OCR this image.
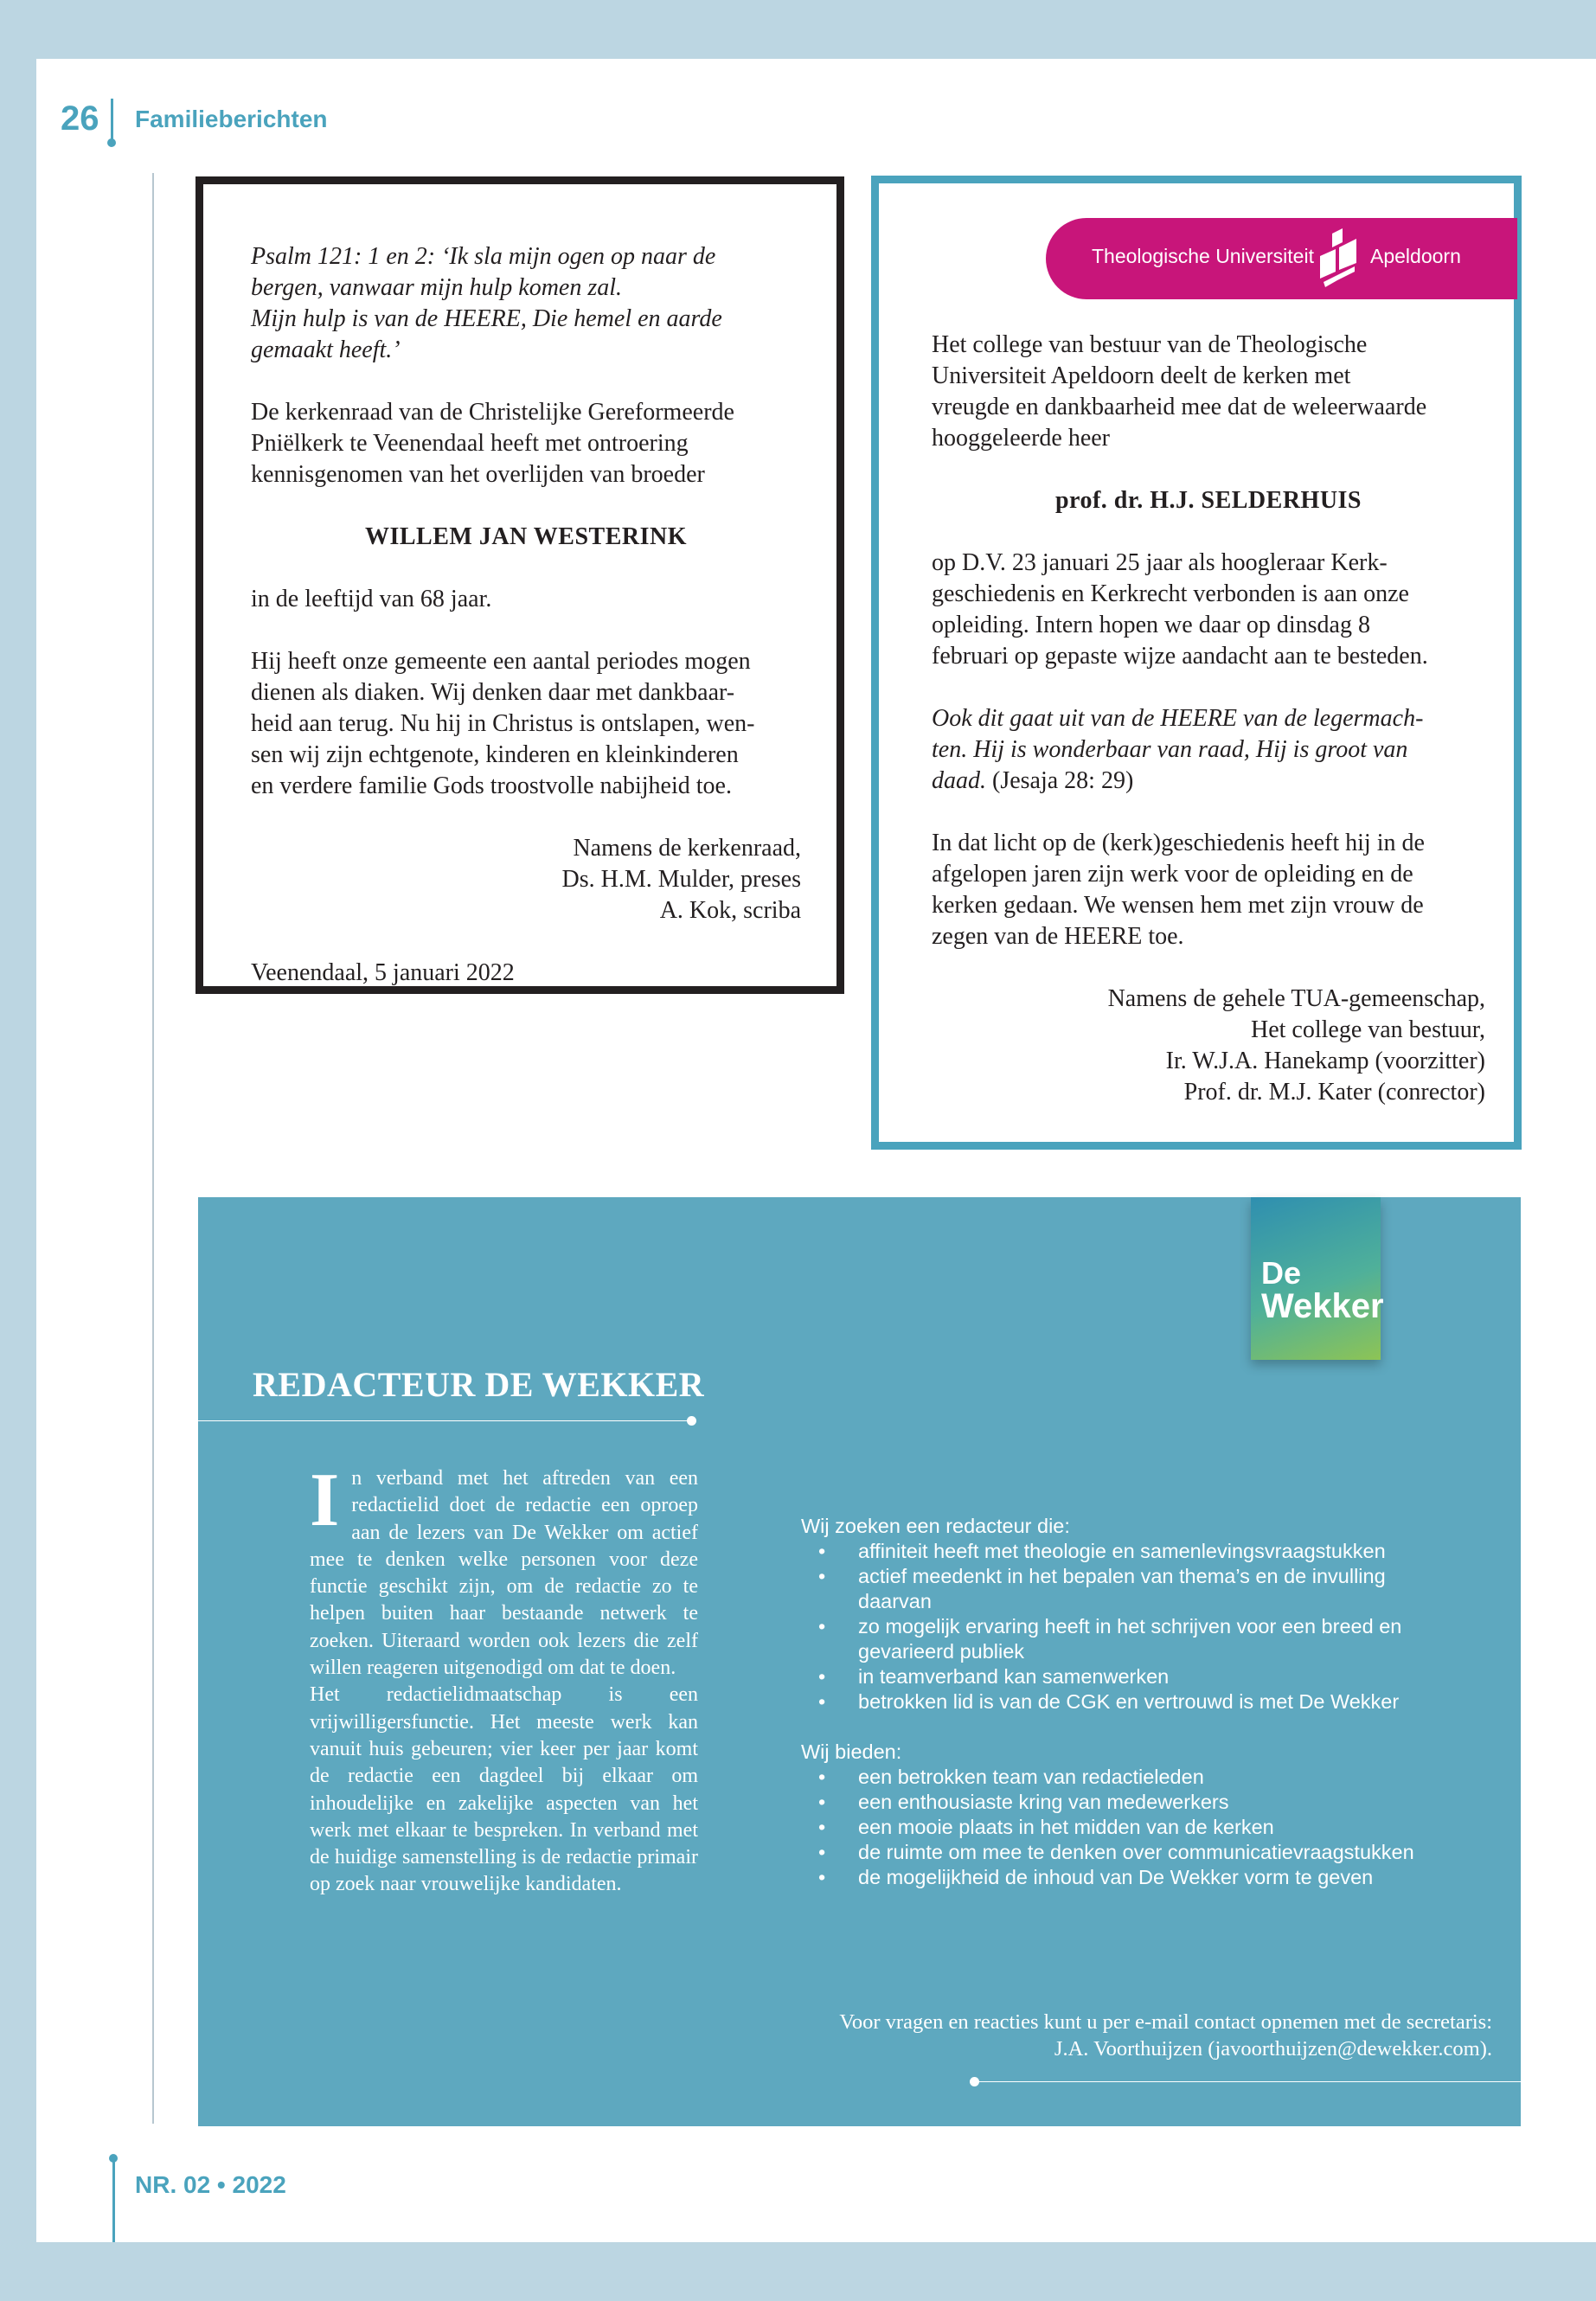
26 Familieberichten

Psalm 121: 1 en 2: ‘Ik sla mijn ogen op naar de
bergen, vanwaar mijn hulp komen zal.
Mijn hulp is van de HEERE, Die hemel en aarde
gemaakt heeft.’

De kerkenraad van de Christelijke Gereformeerde
Pniëlkerk te Veenendaal heeft met ontroering
kennisgenomen van het overlijden van broeder

WILLEM JAN WESTERINK

in de leeftijd van 68 jaar.

Hij heeft onze gemeente een aantal periodes mogen
dienen als diaken. Wij denken daar met dankbaar-
heid aan terug. Nu hij in Christus is ontslapen, wen-
sen wij zijn echtgenote, kinderen en kleinkinderen
en verdere familie Gods troostvolle nabijheid toe.

Namens de kerkenraad,
Ds. H.M. Mulder, preses
A. Kok, scriba

Veenendaal, 5 januari 2022

Het college van bestuur van de Theologische
Universiteit Apeldoorn deelt de kerken met
vreugde en dankbaarheid mee dat de weleerwaarde
hooggeleerde heer

prof. dr. H.J. SELDERHUIS

op D.V. 23 januari 25 jaar als hoogleraar Kerk-
geschiedenis en Kerkrecht verbonden is aan onze
opleiding. Intern hopen we daar op dinsdag 8
februari op gepaste wijze aandacht aan te besteden.

Ook dit gaat uit van de HEERE van de legermach-
ten. Hij is wonderbaar van raad, Hij is groot van
daad. (Jesaja 28: 29)

In dat licht op de (kerk)geschiedenis heeft hij in de
afgelopen jaren zijn werk voor de opleiding en de
kerken gedaan. We wensen hem met zijn vrouw de
zegen van de HEERE toe.

Namens de gehele TUA-gemeenschap,
Het college van bestuur,
Ir. W.J.A. Hanekamp (voorzitter)
Prof. dr. M.J. Kater (conrector)

Theologische Universiteit	Apeldoorn
De
Wekker
REDACTEUR DE WEKKER

In verband met het aftreden van een redactielid doet de redactie een oproep aan de lezers van De Wekker om actief mee te denken welke personen voor deze functie geschikt zijn, om de redactie zo te helpen buiten haar bestaande netwerk te zoeken. Uiteraard worden ook lezers die zelf willen reageren uitgenodigd om dat te doen.

Het redactielidmaatschap is een vrijwilligersfunctie. Het meeste werk kan vanuit huis gebeuren; vier keer per jaar komt de redactie een dagdeel bij elkaar om inhoudelijke en zakelijke aspecten van het werk met elkaar te bespreken. In verband met de huidige samenstelling is de redactie primair op zoek naar vrouwelijke kandidaten.

Wij zoeken een redacteur die:

• affiniteit heeft met theologie en samenlevingsvraagstukken
• actief meedenkt in het bepalen van thema’s en de invulling daarvan
• zo mogelijk ervaring heeft in het schrijven voor een breed en gevarieerd publiek
• in teamverband kan samenwerken
• betrokken lid is van de CGK en vertrouwd is met De Wekker

Wij bieden:

• een betrokken team van redactieleden
• een enthousiaste kring van medewerkers
• een mooie plaats in het midden van de kerken
• de ruimte om mee te denken over communicatievraagstukken
• de mogelijkheid de inhoud van De Wekker vorm te geven
Voor vragen en reacties kunt u per e-mail contact opnemen met de secretaris:
J.A. Voorthuijzen (javoorthuijzen@dewekker.com).
NR. 02 • 2022
